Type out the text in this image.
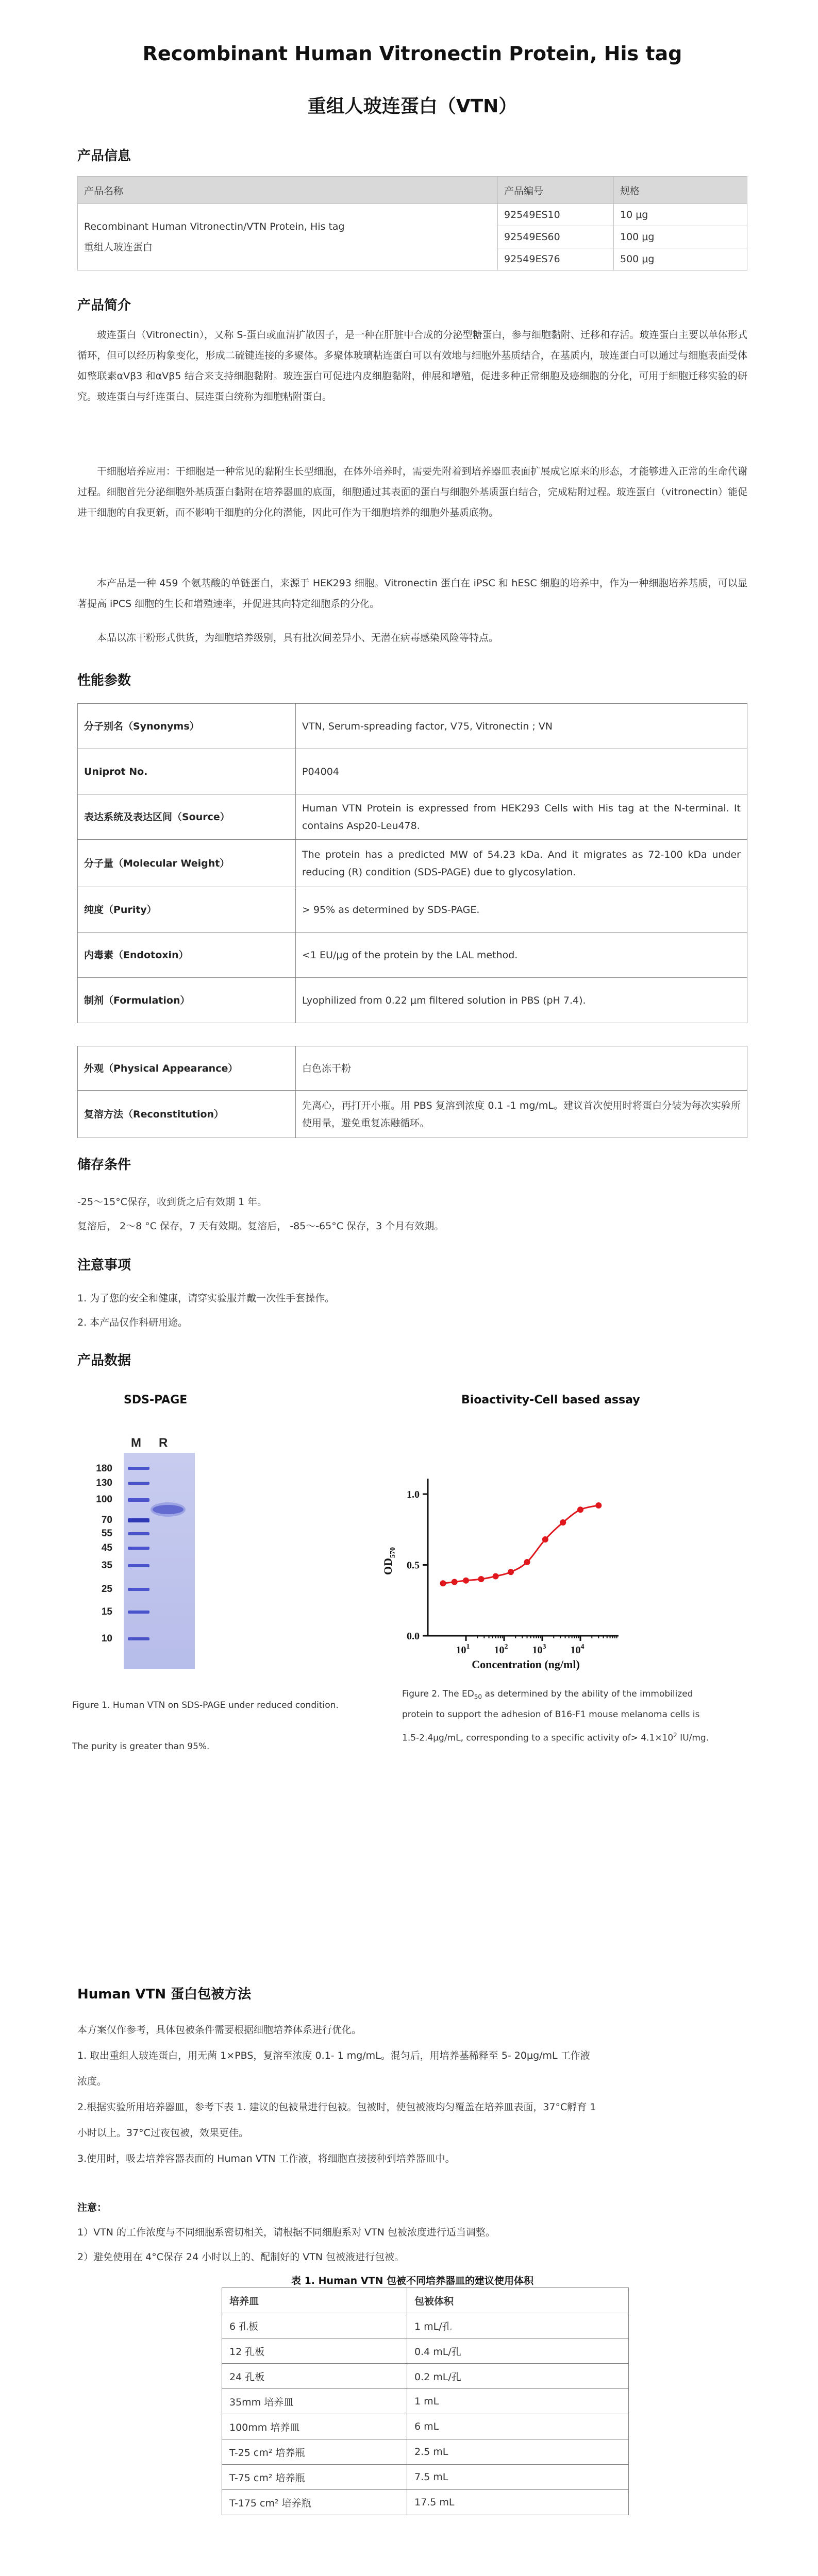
Recombinant Human Vitronectin Protein, His tag
重组人玻连蛋白（VTN）
产品信息
产品名称	产品编号	规格

Recombinant Human Vitronectin/VTN Protein, His tag
重组人玻连蛋白	92549ES10	10 μg
	92549ES60	100 μg
	92549ES76	500 μg
产品简介

玻连蛋白（Vitronectin），又称 S-蛋白或血清扩散因子，是一种在肝脏中合成的分泌型糖蛋白，参与细胞黏附、迁移和存活。玻连蛋白主要以单体形式循环，但可以经历构象变化，形成二硫键连接的多聚体。多聚体玻璃粘连蛋白可以有效地与细胞外基质结合，在基质内，玻连蛋白可以通过与细胞表面受体如整联素αVβ3 和αVβ5 结合来支持细胞黏附。玻连蛋白可促进内皮细胞黏附，伸展和增殖，促进多种正常细胞及癌细胞的分化，可用于细胞迁移实验的研究。玻连蛋白与纤连蛋白、层连蛋白统称为细胞粘附蛋白。

干细胞培养应用：干细胞是一种常见的黏附生长型细胞，在体外培养时，需要先附着到培养器皿表面扩展成它原来的形态，才能够进入正常的生命代谢过程。细胞首先分泌细胞外基质蛋白黏附在培养器皿的底面，细胞通过其表面的蛋白与细胞外基质蛋白结合，完成粘附过程。玻连蛋白（vitronectin）能促进干细胞的自我更新，而不影响干细胞的分化的潜能，因此可作为干细胞培养的细胞外基质底物。

本产品是一种 459 个氨基酸的单链蛋白，来源于 HEK293 细胞。Vitronectin 蛋白在 iPSC 和 hESC 细胞的培养中，作为一种细胞培养基质，可以显著提高 iPCS 细胞的生长和增殖速率，并促进其向特定细胞系的分化。

本品以冻干粉形式供货，为细胞培养级别，具有批次间差异小、无潜在病毒感染风险等特点。

性能参数
分子别名（Synonyms）	VTN, Serum-spreading factor, V75, Vitronectin ; VN
Uniprot No.	P04004
表达系统及表达区间（Source）	Human VTN Protein is expressed from HEK293 Cells with His tag at the N-terminal. It contains Asp20-Leu478.
分子量（Molecular Weight）	The protein has a predicted MW of 54.23 kDa. And it migrates as 72-100 kDa under reducing (R) condition (SDS-PAGE) due to glycosylation.
纯度（Purity）	> 95% as determined by SDS-PAGE.
内毒素（Endotoxin）	<1 EU/μg of the protein by the LAL method.
制剂（Formulation）	Lyophilized from 0.22 μm filtered solution in PBS (pH 7.4).
外观（Physical Appearance）	白色冻干粉
复溶方法（Reconstitution）	先离心，再打开小瓶。用 PBS 复溶到浓度 0.1 -1 mg/mL。建议首次使用时将蛋白分装为每次实验所使用量，避免重复冻融循环。
储存条件

-25～15°C保存，收到货之后有效期 1 年。

复溶后， 2～8 °C 保存，7 天有效期。复溶后， -85～-65°C 保存，3 个月有效期。

注意事项

1. 为了您的安全和健康，请穿实验服并戴一次性手套操作。

2. 本产品仅作科研用途。

产品数据

SDS-PAGE	Bioactivity-Cell based assay

M R
180
130
100
70
55
45
35
25
15
10

Figure 1. Human VTN on SDS-PAGE under reduced condition.

The purity is greater than 95%.

0.0
0.5
1.0
$10^1$ $10^2$ $10^3$ $10^4$
Concentration (ng/ml)
$OD_{570}$

Figure 2. The $ED_{50}$ as determined by the ability of the immobilized

protein to support the adhesion of B16-F1 mouse melanoma cells is

1.5-2.4μg/mL, corresponding to a specific activity $of> 4.1\times 10^2$ IU/mg.

Human VTN 蛋白包被方法

本方案仅作参考，具体包被条件需要根据细胞培养体系进行优化。

1. 取出重组人玻连蛋白，用无菌 1×PBS，复溶至浓度 0.1- 1 mg/mL。混匀后，用培养基稀释至 5- 20μg/mL 工作液

浓度。

2.根据实验所用培养器皿，参考下表 1. 建议的包被量进行包被。包被时，使包被液均匀覆盖在培养皿表面，37°C孵育 1

小时以上。37°C过夜包被，效果更佳。

3.使用时，吸去培养容器表面的 Human VTN 工作液，将细胞直接接种到培养器皿中。

注意：

1）VTN 的工作浓度与不同细胞系密切相关，请根据不同细胞系对 VTN 包被浓度进行适当调整。

2）避免使用在 4°C保存 24 小时以上的、配制好的 VTN 包被液进行包被。

表 1. Human VTN 包被不同培养器皿的建议使用体积

培养皿	包被体积
6 孔板	1 mL/孔
12 孔板	0.4 mL/孔
24 孔板	0.2 mL/孔
35mm 培养皿	1 mL
100mm 培养皿	6 mL
T-25 cm² 培养瓶	2.5 mL
T-75 cm² 培养瓶	7.5 mL
T-175 cm² 培养瓶	17.5 mL
